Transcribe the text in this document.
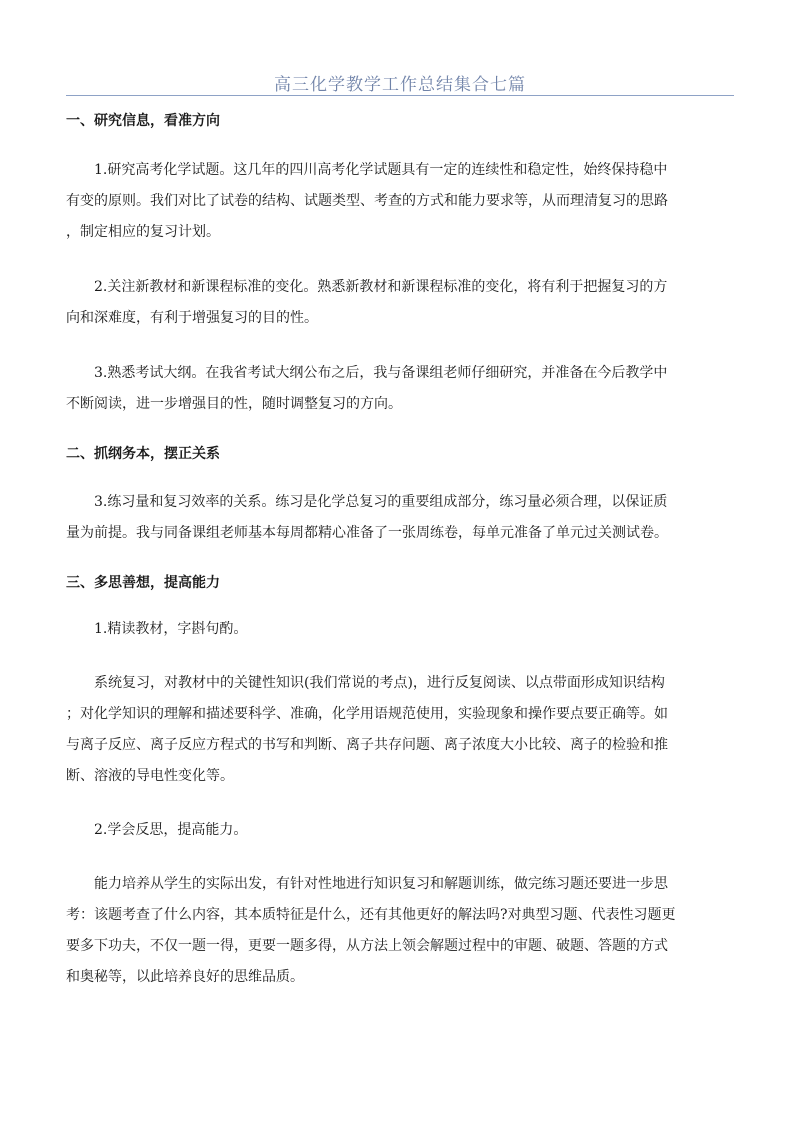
高三化学教学工作总结集合七篇
一、研究信息，看准方向

1.研究高考化学试题。这几年的四川高考化学试题具有一定的连续性和稳定性，始终保持稳中
有变的原则。我们对比了试卷的结构、试题类型、考查的方式和能力要求等，从而理清复习的思路
，制定相应的复习计划。

2.关注新教材和新课程标准的变化。熟悉新教材和新课程标准的变化，将有利于把握复习的方
向和深难度，有利于增强复习的目的性。

3.熟悉考试大纲。在我省考试大纲公布之后，我与备课组老师仔细研究，并准备在今后教学中
不断阅读，进一步增强目的性，随时调整复习的方向。

二、抓纲务本，摆正关系

3.练习量和复习效率的关系。练习是化学总复习的重要组成部分，练习量必须合理，以保证质
量为前提。我与同备课组老师基本每周都精心准备了一张周练卷，每单元准备了单元过关测试卷。

三、多思善想，提高能力

1.精读教材，字斟句酌。

系统复习，对教材中的关键性知识(我们常说的考点)，进行反复阅读、以点带面形成知识结构
；对化学知识的理解和描述要科学、准确，化学用语规范使用，实验现象和操作要点要正确等。如
与离子反应、离子反应方程式的书写和判断、离子共存问题、离子浓度大小比较、离子的检验和推
断、溶液的导电性变化等。

2.学会反思，提高能力。

能力培养从学生的实际出发，有针对性地进行知识复习和解题训练，做完练习题还要进一步思
考：该题考查了什么内容，其本质特征是什么，还有其他更好的解法吗?对典型习题、代表性习题更
要多下功夫，不仅一题一得，更要一题多得，从方法上领会解题过程中的审题、破题、答题的方式
和奥秘等，以此培养良好的思维品质。
